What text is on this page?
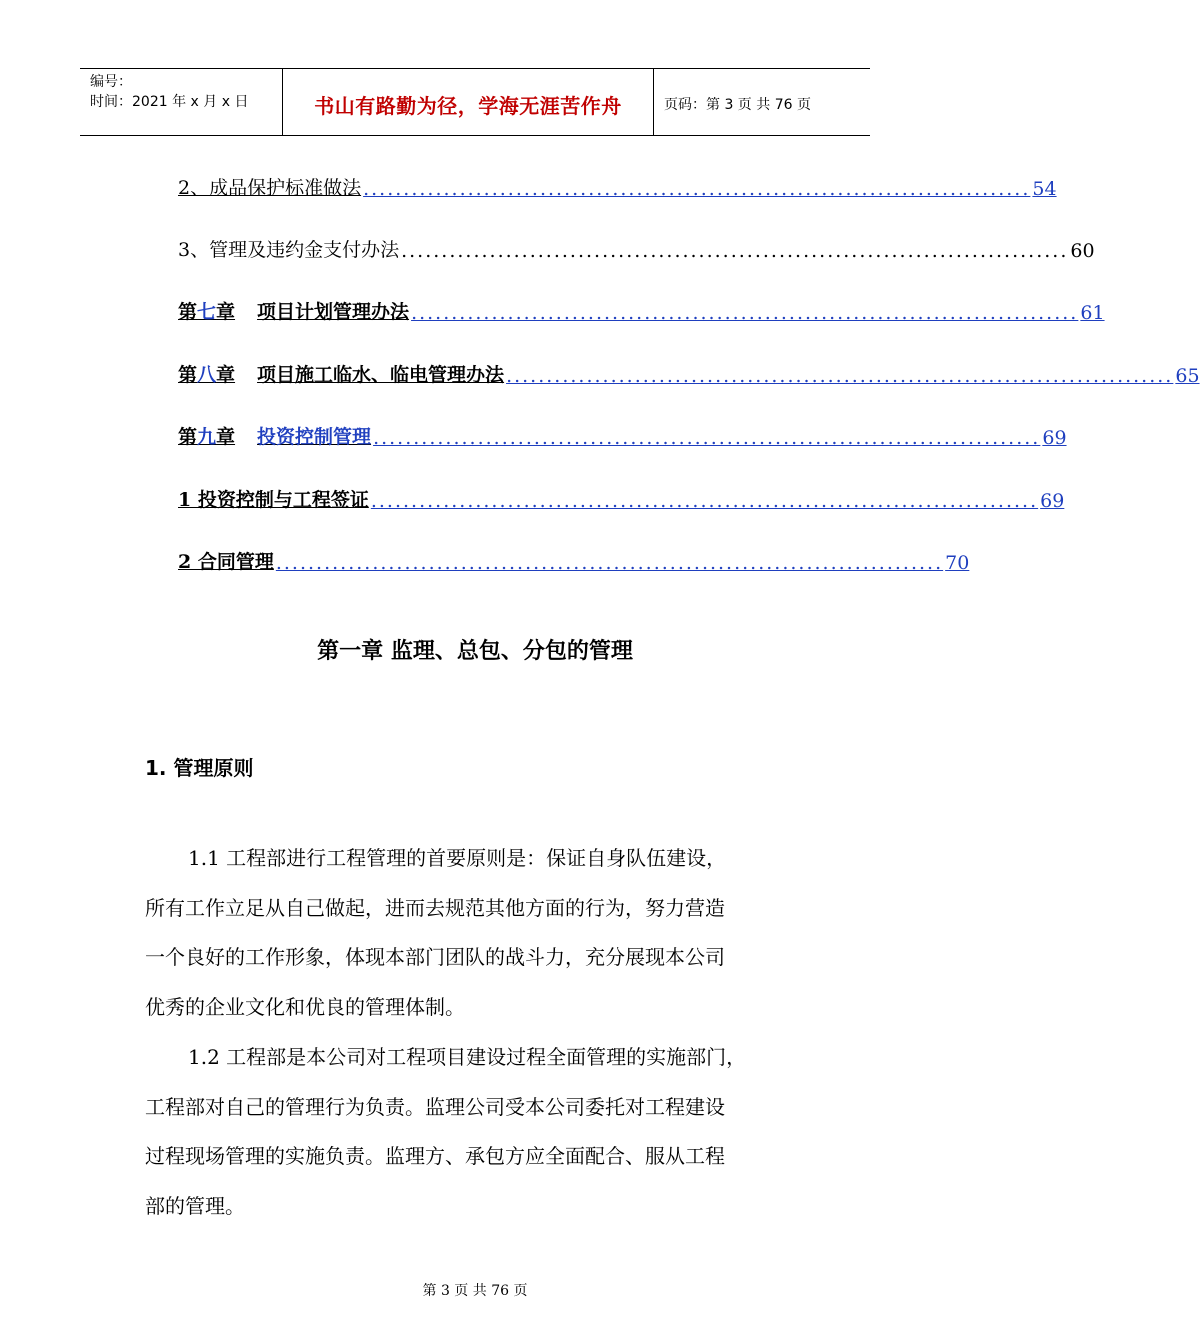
编号：
时间：2021 年 x 月 x 日	书山有路勤为径，学海无涯苦作舟	页码：第 3 页 共 76 页
2、成品保护标准做法 ................................................................................... 54
3、管理及违约金支付办法 ................................................................................... 60
第七章 项目计划管理办法 ................................................................................... 61
第八章 项目施工临水、临电管理办法 ................................................................................... 65
第九章 投资控制管理 ................................................................................... 69
1 投资控制与工程签证 ................................................................................... 69
2 合同管理 ................................................................................... 70
第一章 监理、总包、分包的管理
1. 管理原则
1.1 工程部进行工程管理的首要原则是：保证自身队伍建设，
所有工作立足从自己做起，进而去规范其他方面的行为，努力营造
一个良好的工作形象，体现本部门团队的战斗力，充分展现本公司
优秀的企业文化和优良的管理体制。
1.2 工程部是本公司对工程项目建设过程全面管理的实施部门，
工程部对自己的管理行为负责。监理公司受本公司委托对工程建设
过程现场管理的实施负责。监理方、承包方应全面配合、服从工程
部的管理。
第 3 页 共 76 页
